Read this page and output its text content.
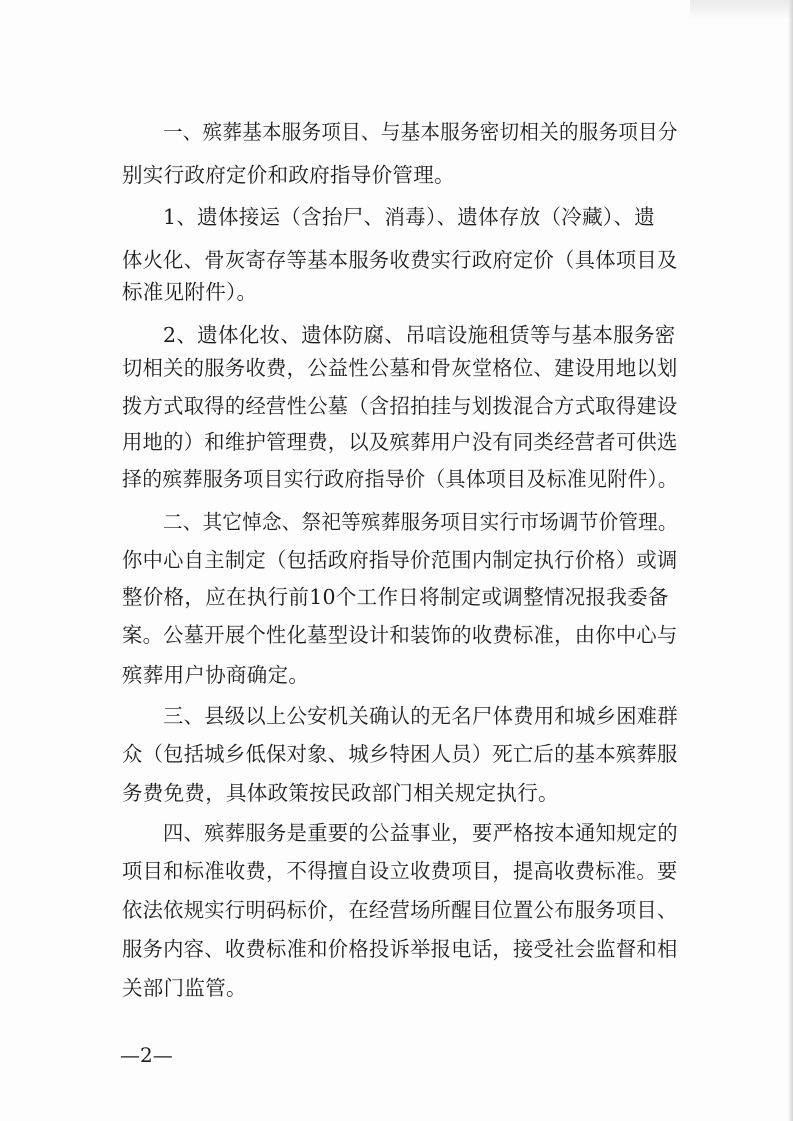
一、殡葬基本服务项目、与基本服务密切相关的服务项目分
别实行政府定价和政府指导价管理。
1、遗体接运（含抬尸、消毒）、遗体存放（冷藏）、遗
体火化、骨灰寄存等基本服务收费实行政府定价（具体项目及
标准见附件）。
2、遗体化妆、遗体防腐、吊唁设施租赁等与基本服务密
切相关的服务收费，公益性公墓和骨灰堂格位、建设用地以划
拨方式取得的经营性公墓（含招拍挂与划拨混合方式取得建设
用地的）和维护管理费，以及殡葬用户没有同类经营者可供选
择的殡葬服务项目实行政府指导价（具体项目及标准见附件）。
二、其它悼念、祭祀等殡葬服务项目实行市场调节价管理。
你中心自主制定（包括政府指导价范围内制定执行价格）或调
整价格，应在执行前10个工作日将制定或调整情况报我委备
案。公墓开展个性化墓型设计和装饰的收费标准，由你中心与
殡葬用户协商确定。
三、县级以上公安机关确认的无名尸体费用和城乡困难群
众（包括城乡低保对象、城乡特困人员）死亡后的基本殡葬服
务费免费，具体政策按民政部门相关规定执行。
四、殡葬服务是重要的公益事业，要严格按本通知规定的
项目和标准收费，不得擅自设立收费项目，提高收费标准。要
依法依规实行明码标价，在经营场所醒目位置公布服务项目、
服务内容、收费标准和价格投诉举报电话，接受社会监督和相
关部门监管。
—2—
